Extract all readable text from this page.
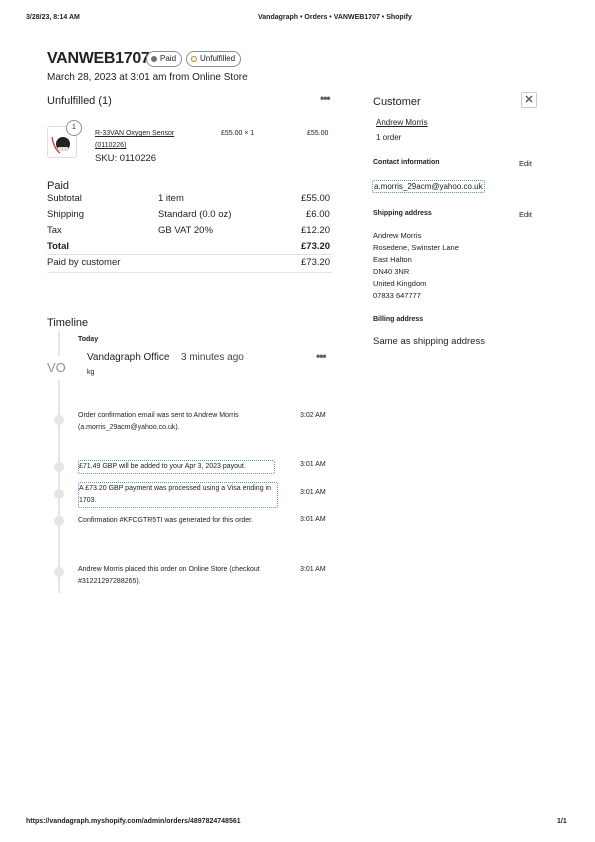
3/28/23, 8:14 AM	Vandagraph • Orders • VANWEB1707 • Shopify
VANWEB1707 Paid	Unfulfilled
March 28, 2023 at 3:01 am from Online Store
Unfulfilled (1)	•••
1
R-33VAN Oxygen Sensor
(0110226)
SKU: 0110226
£55.00 × 1	£55.00
Paid
Subtotal	1 item	£55.00
Shipping	Standard (0.0 oz)	£6.00
Tax	GB VAT 20%	£12.20
Total	£73.20
Paid by customer	£73.20
Customer	✕
Andrew Morris
1 order
Contact information	Edit
a.morris_29acm@yahoo.co.uk
Shipping address	Edit
Andrew Morris
Rosedene, Swinster Lane
East Halton
DN40 3NR
United Kingdom
07833 647777
Billing address
Same as shipping address
Timeline
Today
VO
Vandagraph Office 3 minutes ago	•••
kg
Order confirmation email was sent to Andrew Morris (a.morris_29acm@yahoo.co.uk).
3:02 AM
£71.49 GBP will be added to your Apr 3, 2023 payout.	3:01 AM
A £73.20 GBP payment was processed using a Visa ending in 1703.
3:01 AM
Confirmation #KFCGTR5TI was generated for this order.	3:01 AM
Andrew Morris placed this order on Online Store (checkout #31221297288265).
3:01 AM
https://vandagraph.myshopify.com/admin/orders/4897824748561	1/1
